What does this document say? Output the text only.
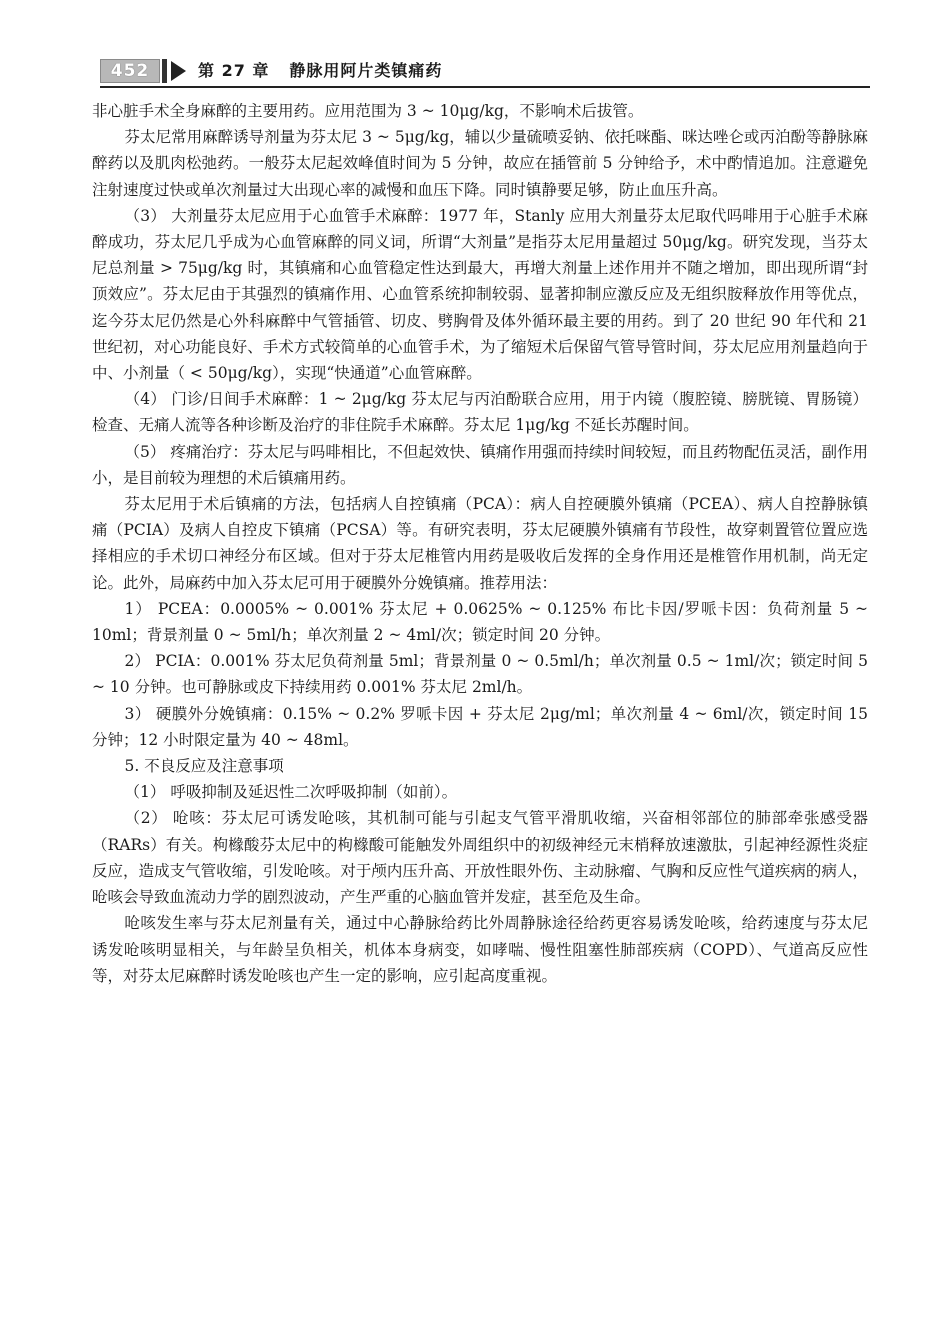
452	第 27 章 静脉用阿片类镇痛药

非心脏手术全身麻醉的主要用药。应用范围为 3 ~ 10μg/kg，不影响术后拔管。

芬太尼常用麻醉诱导剂量为芬太尼 3 ~ 5μg/kg，辅以少量硫喷妥钠、依托咪酯、咪达唑仑或丙泊酚等静脉麻醉药以及肌肉松弛药。一般芬太尼起效峰值时间为 5 分钟，故应在插管前 5 分钟给予，术中酌情追加。注意避免注射速度过快或单次剂量过大出现心率的减慢和血压下降。同时镇静要足够，防止血压升高。

（3） 大剂量芬太尼应用于心血管手术麻醉：1977 年，Stanly 应用大剂量芬太尼取代吗啡用于心脏手术麻醉成功，芬太尼几乎成为心血管麻醉的同义词，所谓“大剂量”是指芬太尼用量超过 50μg/kg。研究发现，当芬太尼总剂量 > 75μg/kg 时，其镇痛和心血管稳定性达到最大，再增大剂量上述作用并不随之增加，即出现所谓“封顶效应”。芬太尼由于其强烈的镇痛作用、心血管系统抑制较弱、显著抑制应激反应及无组织胺释放作用等优点，迄今芬太尼仍然是心外科麻醉中气管插管、切皮、劈胸骨及体外循环最主要的用药。到了 20 世纪 90 年代和 21 世纪初，对心功能良好、手术方式较简单的心血管手术，为了缩短术后保留气管导管时间，芬太尼应用剂量趋向于中、小剂量（ < 50μg/kg），实现“快通道”心血管麻醉。

（4） 门诊/日间手术麻醉：1 ~ 2μg/kg 芬太尼与丙泊酚联合应用，用于内镜（腹腔镜、膀胱镜、胃肠镜）检查、无痛人流等各种诊断及治疗的非住院手术麻醉。芬太尼 1μg/kg 不延长苏醒时间。

（5） 疼痛治疗：芬太尼与吗啡相比，不但起效快、镇痛作用强而持续时间较短，而且药物配伍灵活，副作用小，是目前较为理想的术后镇痛用药。

芬太尼用于术后镇痛的方法，包括病人自控镇痛（PCA）：病人自控硬膜外镇痛（PCEA）、病人自控静脉镇痛（PCIA）及病人自控皮下镇痛（PCSA）等。有研究表明，芬太尼硬膜外镇痛有节段性，故穿刺置管位置应选择相应的手术切口神经分布区域。但对于芬太尼椎管内用药是吸收后发挥的全身作用还是椎管作用机制，尚无定论。此外，局麻药中加入芬太尼可用于硬膜外分娩镇痛。推荐用法：

1） PCEA：0.0005% ~ 0.001% 芬太尼 + 0.0625% ~ 0.125% 布比卡因/罗哌卡因：负荷剂量 5 ~ 10ml；背景剂量 0 ~ 5ml/h；单次剂量 2 ~ 4ml/次；锁定时间 20 分钟。

2） PCIA：0.001% 芬太尼负荷剂量 5ml；背景剂量 0 ~ 0.5ml/h；单次剂量 0.5 ~ 1ml/次；锁定时间 5 ~ 10 分钟。也可静脉或皮下持续用药 0.001% 芬太尼 2ml/h。

3） 硬膜外分娩镇痛：0.15% ~ 0.2% 罗哌卡因 + 芬太尼 2μg/ml；单次剂量 4 ~ 6ml/次，锁定时间 15 分钟；12 小时限定量为 40 ~ 48ml。

5. 不良反应及注意事项

（1） 呼吸抑制及延迟性二次呼吸抑制（如前）。

（2） 呛咳：芬太尼可诱发呛咳，其机制可能与引起支气管平滑肌收缩，兴奋相邻部位的肺部牵张感受器（RARs）有关。枸橼酸芬太尼中的枸橼酸可能触发外周组织中的初级神经元末梢释放速激肽，引起神经源性炎症反应，造成支气管收缩，引发呛咳。对于颅内压升高、开放性眼外伤、主动脉瘤、气胸和反应性气道疾病的病人，呛咳会导致血流动力学的剧烈波动，产生严重的心脑血管并发症，甚至危及生命。

呛咳发生率与芬太尼剂量有关，通过中心静脉给药比外周静脉途径给药更容易诱发呛咳，给药速度与芬太尼诱发呛咳明显相关，与年龄呈负相关，机体本身病变，如哮喘、慢性阻塞性肺部疾病（COPD）、气道高反应性等，对芬太尼麻醉时诱发呛咳也产生一定的影响，应引起高度重视。
